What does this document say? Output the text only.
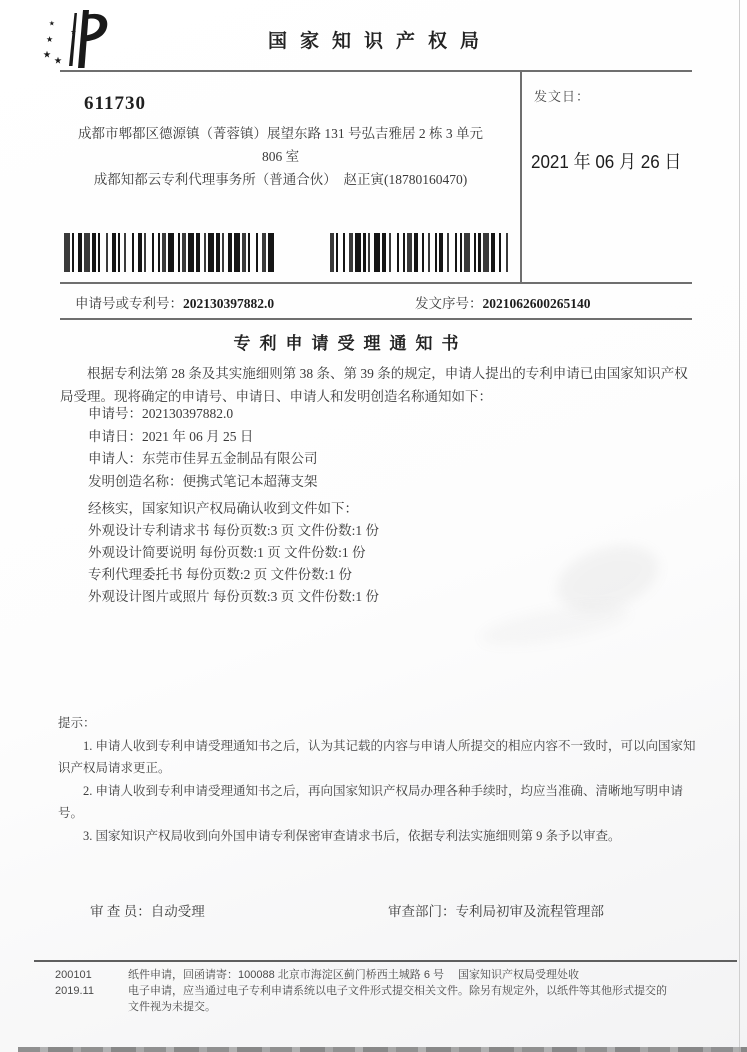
国家知识产权局
发文日：
2021 年 06 月 26 日
611730
成都市郫都区德源镇（菁蓉镇）展望东路 131 号弘吉雅居 2 栋 3 单元
806 室
成都知都云专利代理事务所（普通合伙）　赵正寅(18780160470)
申请号或专利号：202130397882.0	发文序号：2021062600265140
专利申请受理通知书
根据专利法第 28 条及其实施细则第 38 条、第 39 条的规定，申请人提出的专利申请已由国家知识产权局受理。现将确定的申请号、申请日、申请人和发明创造名称通知如下：
申请号：202130397882.0
申请日：2021 年 06 月 25 日
申请人：东莞市佳昇五金制品有限公司
发明创造名称：便携式笔记本超薄支架
经核实，国家知识产权局确认收到文件如下：
外观设计专利请求书 每份页数:3 页 文件份数:1 份
外观设计简要说明 每份页数:1 页 文件份数:1 份
专利代理委托书 每份页数:2 页 文件份数:1 份
外观设计图片或照片 每份页数:3 页 文件份数:1 份

提示：

1. 申请人收到专利申请受理通知书之后，认为其记载的内容与申请人所提交的相应内容不一致时，可以向国家知识产权局请求更正。

2. 申请人收到专利申请受理通知书之后，再向国家知识产权局办理各种手续时，均应当准确、清晰地写明申请号。

3. 国家知识产权局收到向外国申请专利保密审查请求书后，依据专利法实施细则第 9 条予以审查。

审 查 员：自动受理	审查部门：专利局初审及流程管理部
200101
2019.11
纸件申请，回函请寄：100088 北京市海淀区蓟门桥西土城路 6 号　 国家知识产权局受理处收
电子申请，应当通过电子专利申请系统以电子文件形式提交相关文件。除另有规定外，以纸件等其他形式提交的
文件视为未提交。
